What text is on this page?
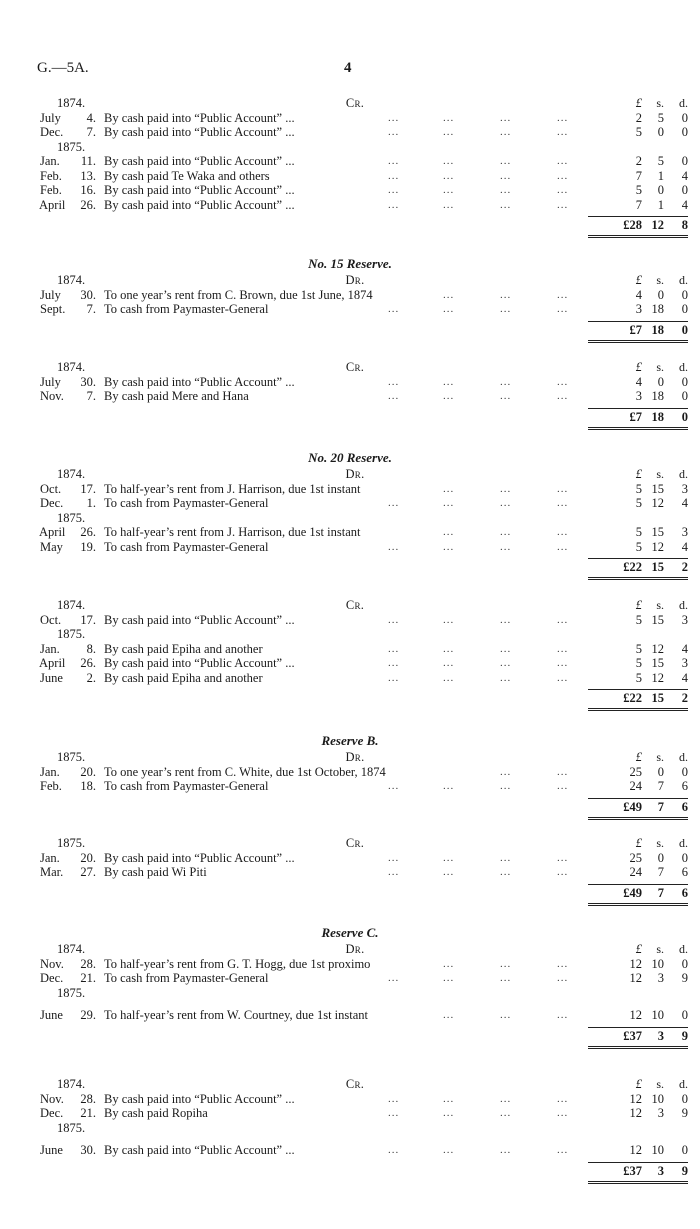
G.—5A.	4
1874.	Cr.	£	s.	d.
July	4. By cash paid into “Public Account” ...	...	...	...	...	2	5	0
Dec.	7. By cash paid into “Public Account” ...	...	...	...	...	5	0	0
1875.
Jan.	11. By cash paid into “Public Account” ...	...	...	...	...	2	5	0
Feb.	13. By cash paid Te Waka and others	...	...	...	...	7	1	4
Feb.	16. By cash paid into “Public Account” ...	...	...	...	...	5	0	0
April	26. By cash paid into “Public Account” ...	...	...	...	...	7	1	4
£28 12	8
No. 15 Reserve.
1874.	Dr.	£	s.	d.
July	30. To one year’s rent from C. Brown, due 1st June, 1874	...	...	...	4	0	0
Sept.	7. To cash from Paymaster-General	...	...	...	...	3 18	0
£7 18	0
1874.	Cr.	£	s.	d.
July	30. By cash paid into “Public Account” ...	...	...	...	...	4	0	0
Nov.	7. By cash paid Mere and Hana	...	...	...	...	3 18	0
£7 18	0
No. 20 Reserve.
1874.	Dr.	£	s.	d.
Oct.	17. To half-year’s rent from J. Harrison, due 1st instant	...	...	...	5 15	3
Dec.	1. To cash from Paymaster-General	...	...	...	...	5 12	4
1875.
April	26. To half-year’s rent from J. Harrison, due 1st instant	...	...	...	5 15	3
May	19. To cash from Paymaster-General	...	...	...	...	5 12	4
£22 15	2
1874.	Cr.	£	s.	d.
Oct.	17. By cash paid into “Public Account” ...	...	...	...	...	5 15	3
1875.
Jan.	8. By cash paid Epiha and another	...	...	...	...	5 12	4
April	26. By cash paid into “Public Account” ...	...	...	...	...	5 15	3
June	2. By cash paid Epiha and another	...	...	...	...	5 12	4
£22 15	2
Reserve B.
1875.	Dr.	£	s.	d.
Jan.	20. To one year’s rent from C. White, due 1st October, 1874	...	...	25	0	0
Feb.	18. To cash from Paymaster-General	...	...	...	...	24	7	6
£49	7	6
1875.	Cr.	£	s.	d.
Jan.	20. By cash paid into “Public Account” ...	...	...	...	...	25	0	0
Mar.	27. By cash paid Wi Piti	...	...	...	...	24	7	6
£49	7	6
Reserve C.
1874.	Dr.	£	s.	d.
Nov.	28. To half-year’s rent from G. T. Hogg, due 1st proximo	...	...	...	12 10	0
Dec.	21. To cash from Paymaster-General	...	...	...	...	12	3	9
1875.
June	29. To half-year’s rent from W. Courtney, due 1st instant	...	...	...	12 10	0
£37	3	9
1874.	Cr.	£	s.	d.
Nov.	28. By cash paid into “Public Account” ...	...	...	...	...	12 10	0
Dec.	21. By cash paid Ropiha	...	...	...	...	12	3	9
1875.
June	30. By cash paid into “Public Account” ...	...	...	...	...	12 10	0
£37	3	9
